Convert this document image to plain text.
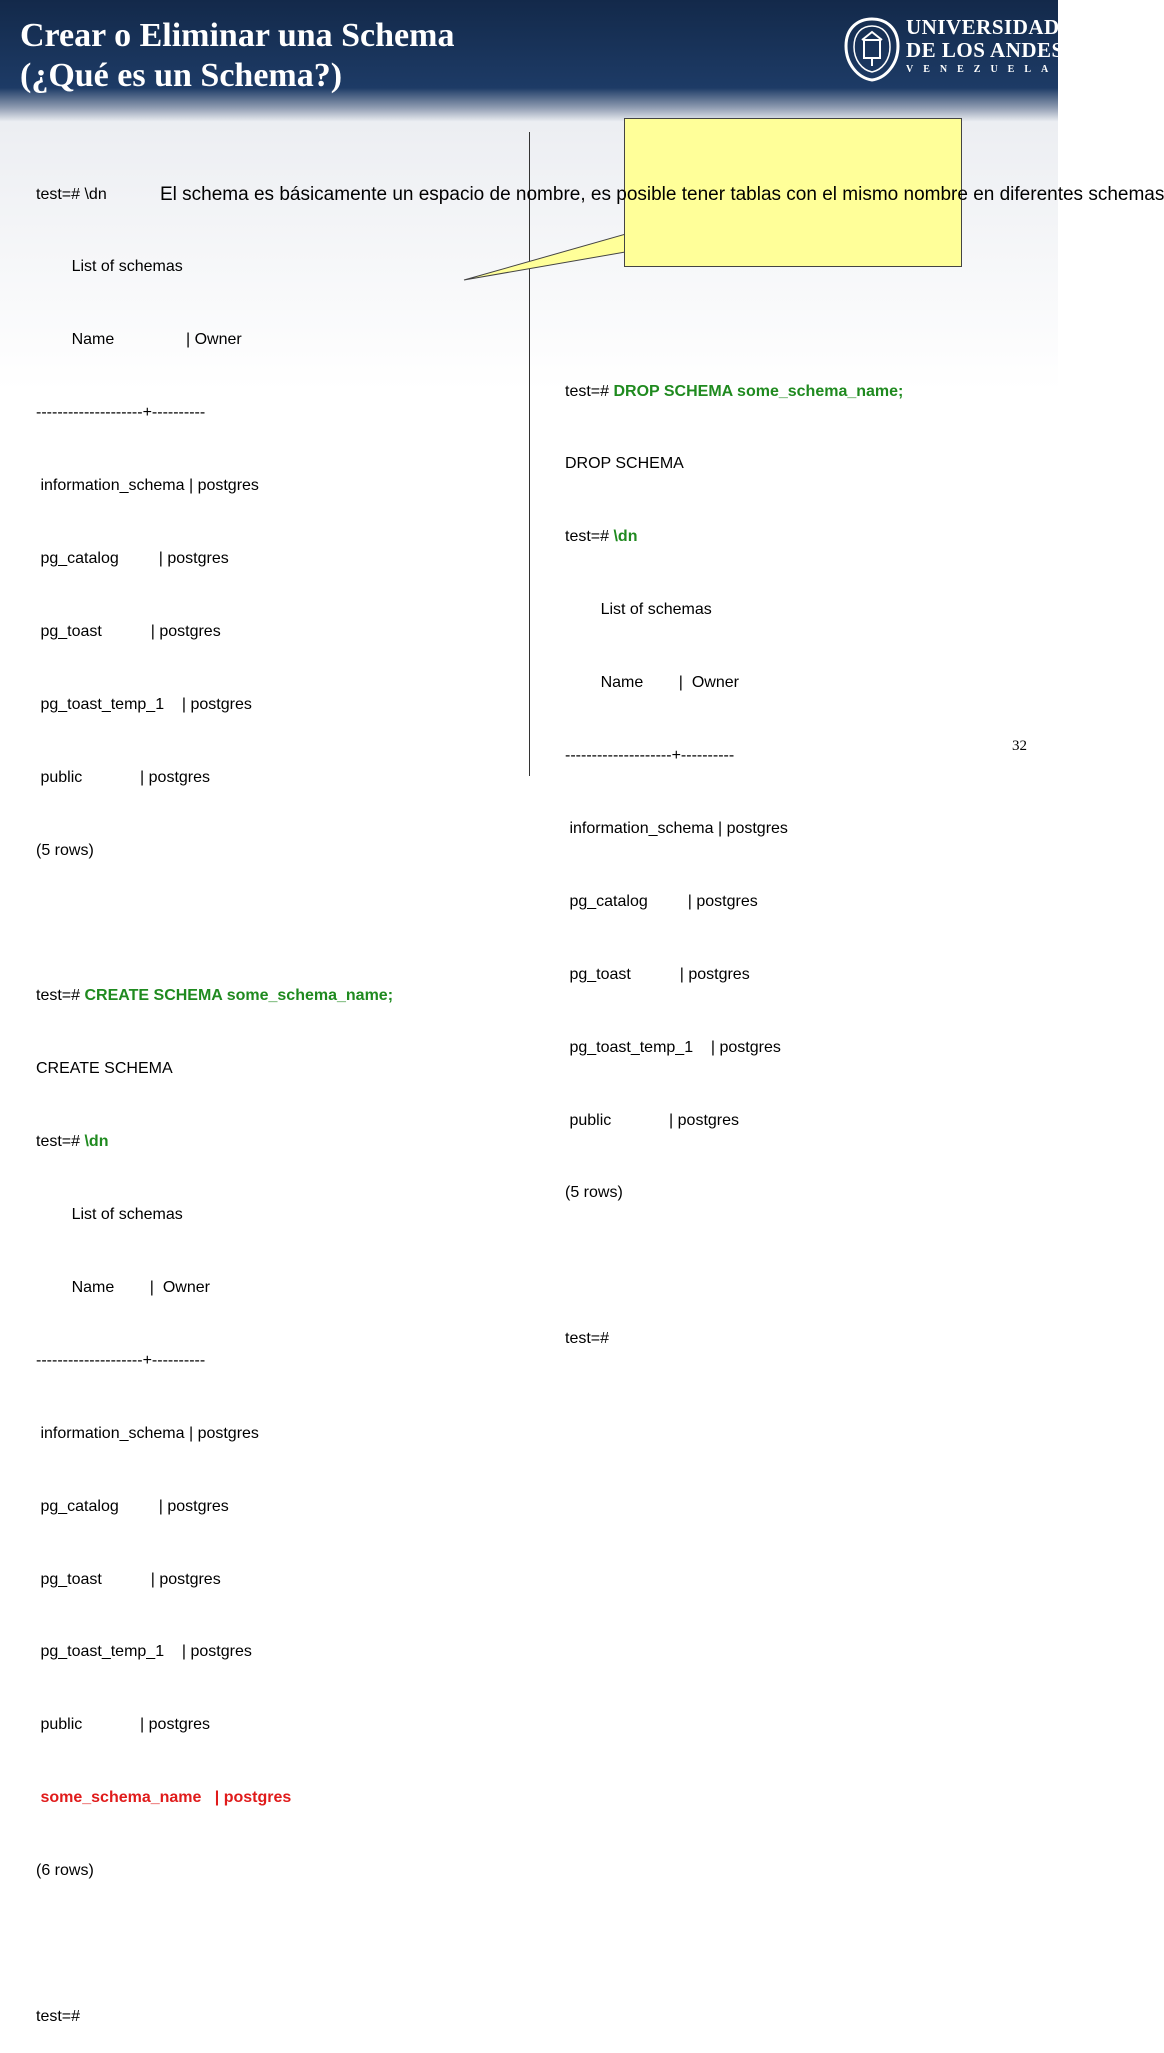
Crear o Eliminar una Schema
(¿Qué es un Schema?)
UNIVERSIDAD
DE LOS ANDES
VENEZUELA

test=# \dn

List of schemas

Name	| Owner

--------------------+----------

information_schema | postgres

pg_catalog         | postgres

pg_toast           | postgres

pg_toast_temp_1    | postgres

public             | postgres

(5 rows)

test=# CREATE SCHEMA some_schema_name;

CREATE SCHEMA

test=# \dn

List of schemas

Name        |  Owner

--------------------+----------

information_schema | postgres

pg_catalog         | postgres

pg_toast           | postgres

pg_toast_temp_1    | postgres

public             | postgres

some_schema_name   | postgres

(6 rows)

test=#

test=# DROP SCHEMA some_schema_name;

DROP SCHEMA

test=# \dn

List of schemas

Name        |  Owner

--------------------+----------

information_schema | postgres

pg_catalog         | postgres

pg_toast           | postgres

pg_toast_temp_1    | postgres

public             | postgres

(5 rows)

test=#

El schema es básicamente un espacio de nombre, es posible tener tablas con el mismo nombre en diferentes schemas
32
